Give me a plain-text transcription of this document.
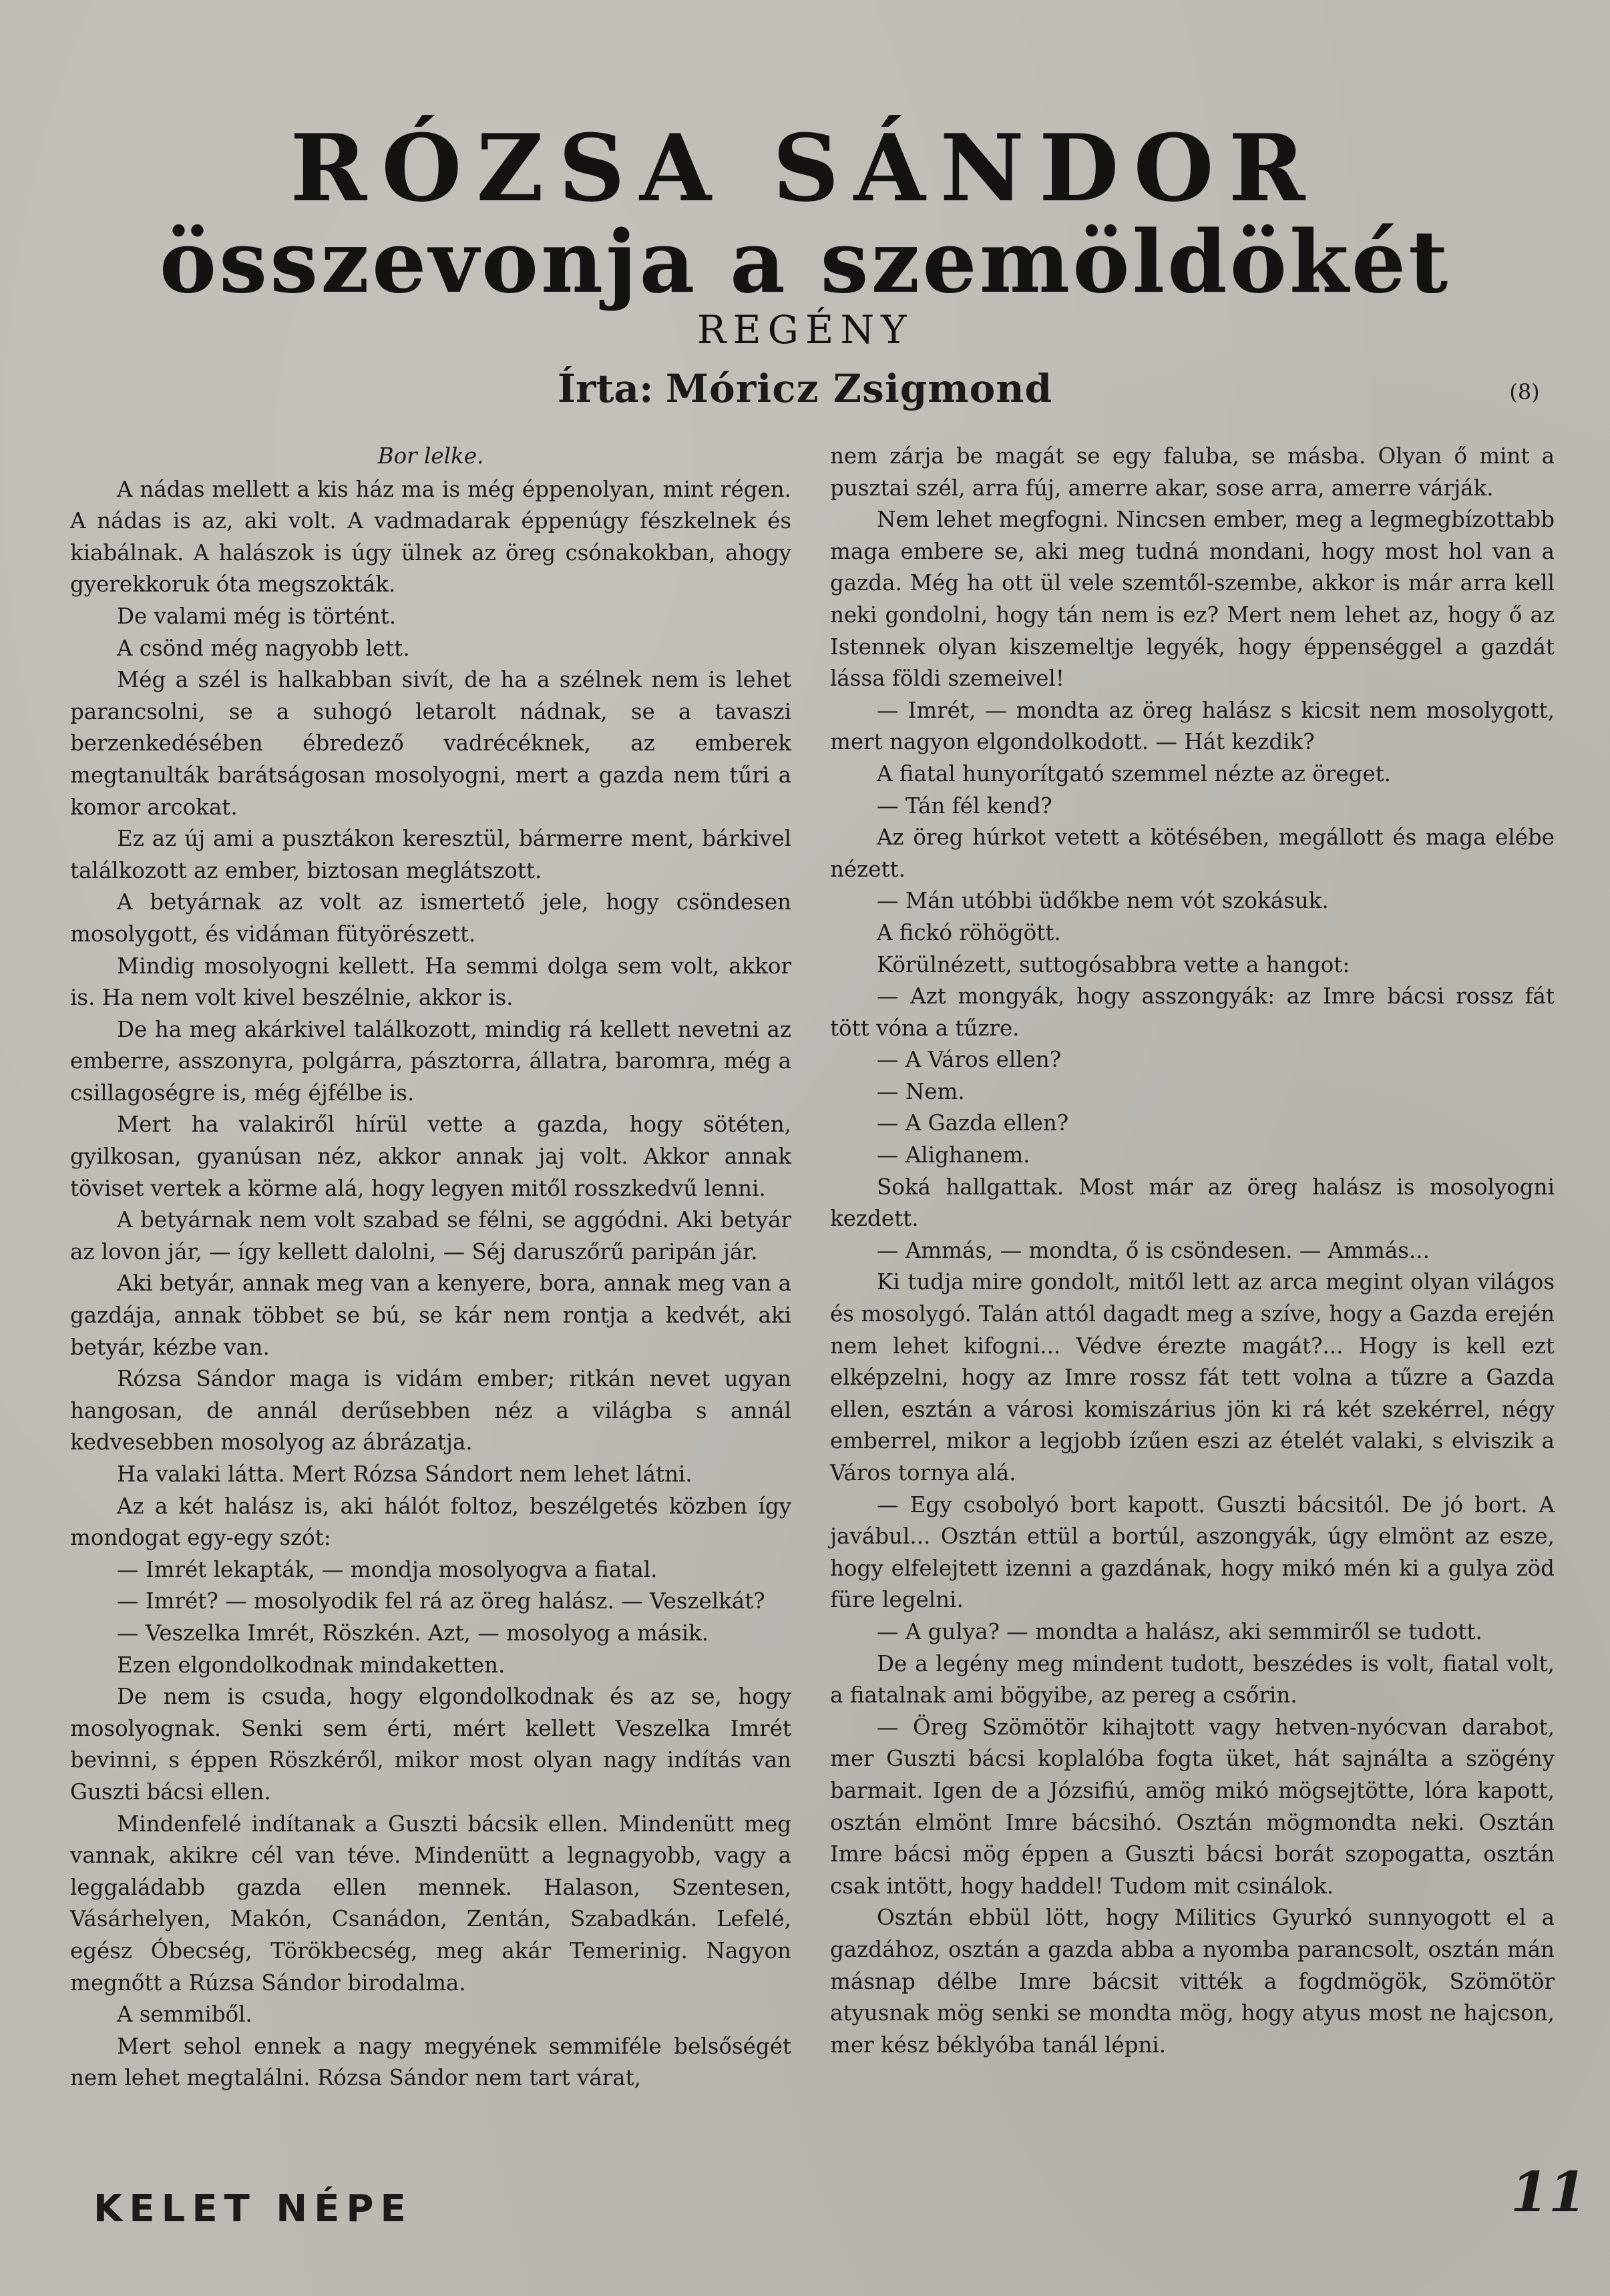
RÓZSA SÁNDOR
összevonja a szemöldökét
REGÉNY
Írta: Móricz Zsigmond	(8)

Bor lelke.

A nádas mellett a kis ház ma is még éppenolyan, mint régen. A nádas is az, aki volt. A vadmadarak éppenúgy fészkelnek és kiabálnak. A halászok is úgy ülnek az öreg csónakokban, ahogy gyerekkoruk óta megszokták.

De valami még is történt.

A csönd még nagyobb lett.

Még a szél is halkabban sivít, de ha a szélnek nem is lehet parancsolni, se a suhogó letarolt nádnak, se a tavaszi berzenkedésében ébredező vadrécéknek, az emberek megtanulták barátságosan mosolyogni, mert a gazda nem tűri a komor arcokat.

Ez az új ami a pusztákon keresztül, bármerre ment, bárkivel találkozott az ember, biztosan meglátszott.

A betyárnak az volt az ismertető jele, hogy csöndesen mosolygott, és vidáman fütyörészett.

Mindig mosolyogni kellett. Ha semmi dolga sem volt, akkor is. Ha nem volt kivel beszélnie, akkor is.

De ha meg akárkivel találkozott, mindig rá kellett nevetni az emberre, asszonyra, polgárra, pásztorra, állatra, baromra, még a csillagoségre is, még éjfélbe is.

Mert ha valakiről hírül vette a gazda, hogy sötéten, gyilkosan, gyanúsan néz, akkor annak jaj volt. Akkor annak töviset vertek a körme alá, hogy legyen mitől rosszkedvű lenni.

A betyárnak nem volt szabad se félni, se aggódni. Aki betyár az lovon jár, — így kellett dalolni, — Séj daruszőrű paripán jár.

Aki betyár, annak meg van a kenyere, bora, annak meg van a gazdája, annak többet se bú, se kár nem rontja a kedvét, aki betyár, kézbe van.

Rózsa Sándor maga is vidám ember; ritkán nevet ugyan hangosan, de annál derűsebben néz a világba s annál kedvesebben mosolyog az ábrázatja.

Ha valaki látta. Mert Rózsa Sándort nem lehet látni.

Az a két halász is, aki hálót foltoz, beszélgetés közben így mondogat egy-egy szót:

— Imrét lekapták, — mondja mosolyogva a fiatal.

— Imrét? — mosolyodik fel rá az öreg halász. — Veszelkát?

— Veszelka Imrét, Röszkén. Azt, — mosolyog a másik.

Ezen elgondolkodnak mindaketten.

De nem is csuda, hogy elgondolkodnak és az se, hogy mosolyognak. Senki sem érti, mért kellett Veszelka Imrét bevinni, s éppen Röszkéről, mikor most olyan nagy indítás van Guszti bácsi ellen.

Mindenfelé indítanak a Guszti bácsik ellen. Mindenütt meg vannak, akikre cél van téve. Mindenütt a legnagyobb, vagy a leggaládabb gazda ellen mennek. Halason, Szentesen, Vásárhelyen, Makón, Csanádon, Zentán, Szabadkán. Lefelé, egész Óbecség, Törökbecség, meg akár Temerinig. Nagyon megnőtt a Rúzsa Sándor birodalma.

A semmiből.

Mert sehol ennek a nagy megyének semmiféle belsőségét nem lehet megtalálni. Rózsa Sándor nem tart várat,

nem zárja be magát se egy faluba, se másba. Olyan ő mint a pusztai szél, arra fúj, amerre akar, sose arra, amerre várják.

Nem lehet megfogni. Nincsen ember, meg a legmegbízottabb maga embere se, aki meg tudná mondani, hogy most hol van a gazda. Még ha ott ül vele szemtől-szembe, akkor is már arra kell neki gondolni, hogy tán nem is ez? Mert nem lehet az, hogy ő az Istennek olyan kiszemeltje legyék, hogy éppenséggel a gazdát lássa földi szemeivel!

— Imrét, — mondta az öreg halász s kicsit nem mosolygott, mert nagyon elgondolkodott. — Hát kezdik?

A fiatal hunyorítgató szemmel nézte az öreget.

— Tán fél kend?

Az öreg húrkot vetett a kötésében, megállott és maga elébe nézett.

— Mán utóbbi üdőkbe nem vót szokásuk.

A fickó röhögött.

Körülnézett, suttogósabbra vette a hangot:

— Azt mongyák, hogy asszongyák: az Imre bácsi rossz fát tött vóna a tűzre.

— A Város ellen?

— Nem.

— A Gazda ellen?

— Alighanem.

Soká hallgattak. Most már az öreg halász is mosolyogni kezdett.

— Ammás, — mondta, ő is csöndesen. — Ammás...

Ki tudja mire gondolt, mitől lett az arca megint olyan világos és mosolygó. Talán attól dagadt meg a szíve, hogy a Gazda erején nem lehet kifogni... Védve érezte magát?... Hogy is kell ezt elképzelni, hogy az Imre rossz fát tett volna a tűzre a Gazda ellen, esztán a városi komiszárius jön ki rá két szekérrel, négy emberrel, mikor a legjobb ízűen eszi az ételét valaki, s elviszik a Város tornya alá.

— Egy csobolyó bort kapott. Guszti bácsitól. De jó bort. A javábul... Osztán ettül a bortúl, aszongyák, úgy elmönt az esze, hogy elfelejtett izenni a gazdának, hogy mikó mén ki a gulya zöd füre legelni.

— A gulya? — mondta a halász, aki semmiről se tudott.

De a legény meg mindent tudott, beszédes is volt, fiatal volt, a fiatalnak ami bögyibe, az pereg a csőrin.

— Öreg Szömötör kihajtott vagy hetven-nyócvan darabot, mer Guszti bácsi koplalóba fogta üket, hát sajnálta a szögény barmait. Igen de a Józsifiú, amög mikó mögsejtötte, lóra kapott, osztán elmönt Imre bácsihó. Osztán mögmondta neki. Osztán Imre bácsi mög éppen a Guszti bácsi borát szopogatta, osztán csak intött, hogy haddel! Tudom mit csinálok.

Osztán ebbül lött, hogy Militics Gyurkó sunnyogott el a gazdához, osztán a gazda abba a nyomba parancsolt, osztán mán másnap délbe Imre bácsit vitték a fogdmögök, Szömötör atyusnak mög senki se mondta mög, hogy atyus most ne hajcson, mer kész béklyóba tanál lépni.

KELET NÉPE	11
